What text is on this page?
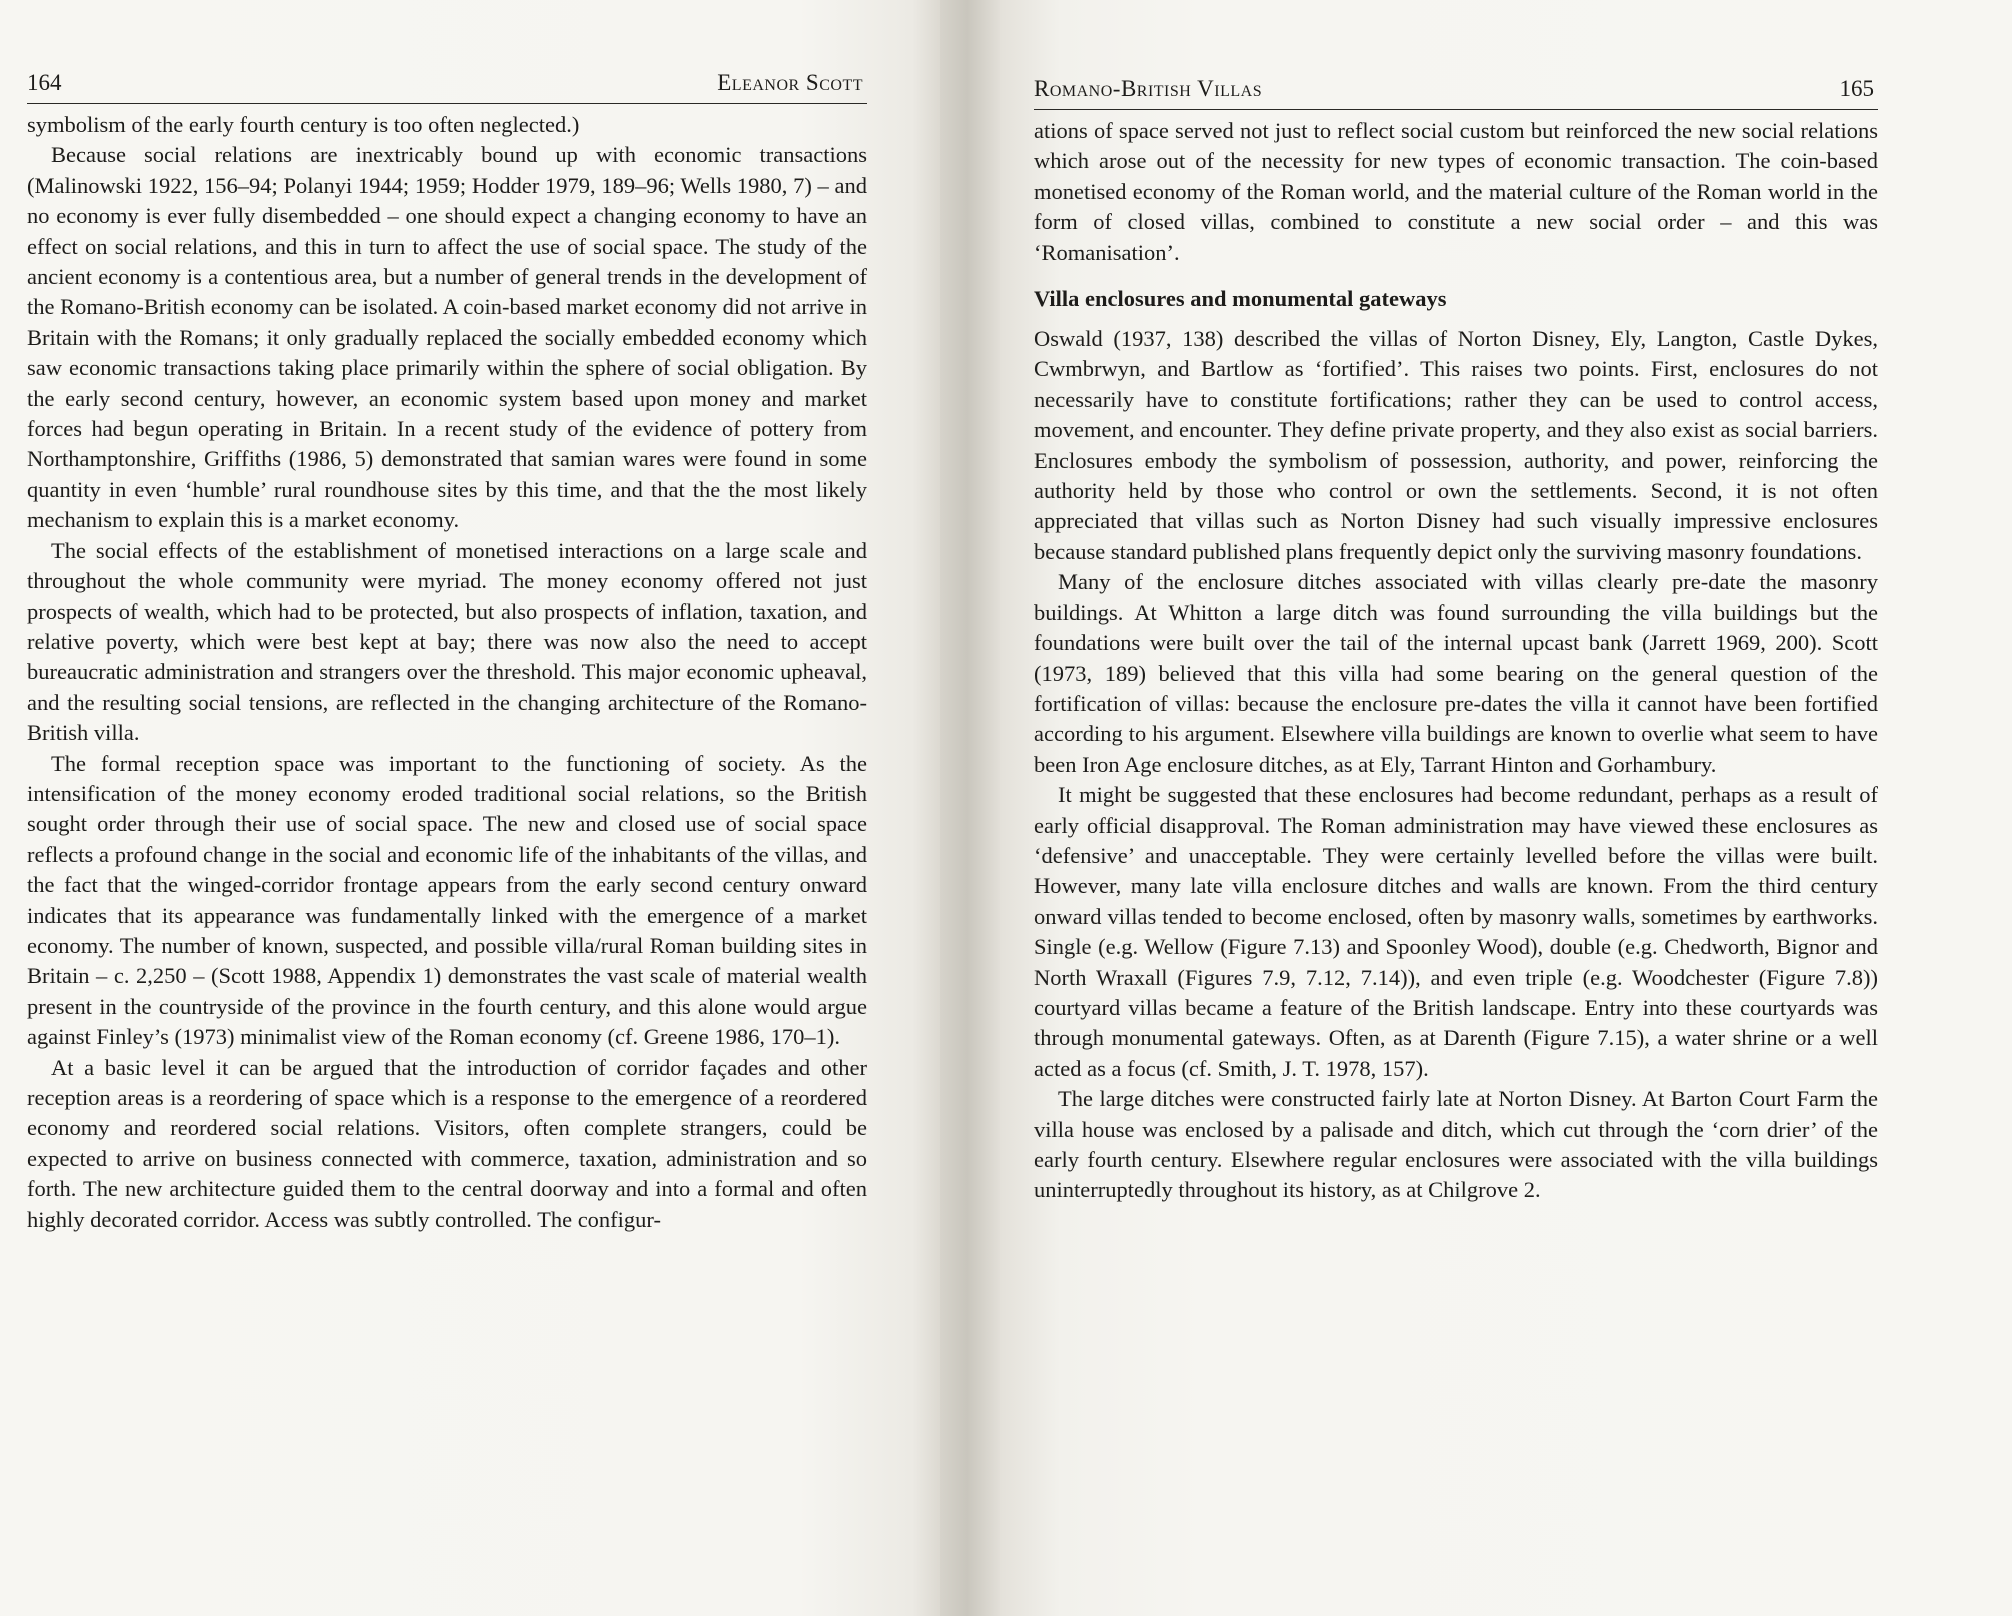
164	Eleanor Scott

symbolism of the early fourth century is too often neglected.)

Because social relations are inextricably bound up with economic transactions (Malinowski 1922, 156–94; Polanyi 1944; 1959; Hodder 1979, 189–96; Wells 1980, 7) – and no economy is ever fully disembedded – one should expect a changing economy to have an effect on social relations, and this in turn to affect the use of social space. The study of the ancient economy is a contentious area, but a number of general trends in the development of the Romano-British economy can be isolated. A coin-based market economy did not arrive in Britain with the Romans; it only gradually replaced the socially embedded economy which saw economic transactions taking place primarily within the sphere of social obligation. By the early second century, however, an economic system based upon money and market forces had begun operating in Britain. In a recent study of the evidence of pottery from Northamptonshire, Griffiths (1986, 5) demonstrated that samian wares were found in some quantity in even ‘humble’ rural roundhouse sites by this time, and that the the most likely mechanism to explain this is a market economy.

The social effects of the establishment of monetised interactions on a large scale and throughout the whole community were myriad. The money economy offered not just prospects of wealth, which had to be protected, but also prospects of inflation, taxation, and relative poverty, which were best kept at bay; there was now also the need to accept bureaucratic administration and strangers over the threshold. This major economic upheaval, and the resulting social tensions, are reflected in the changing architecture of the Romano-British villa.

The formal reception space was important to the functioning of society. As the intensification of the money economy eroded traditional social relations, so the British sought order through their use of social space. The new and closed use of social space reflects a profound change in the social and economic life of the inhabitants of the villas, and the fact that the winged-corridor frontage appears from the early second century onward indicates that its appearance was fundamentally linked with the emergence of a market economy. The number of known, suspected, and possible villa/rural Roman building sites in Britain – c. 2,250 – (Scott 1988, Appendix 1) demonstrates the vast scale of material wealth present in the countryside of the province in the fourth century, and this alone would argue against Finley’s (1973) minimalist view of the Roman economy (cf. Greene 1986, 170–1).

At a basic level it can be argued that the introduction of corridor façades and other reception areas is a reordering of space which is a response to the emergence of a reordered economy and reordered social relations. Visitors, often complete strangers, could be expected to arrive on business connected with commerce, taxation, administration and so forth. The new architecture guided them to the central doorway and into a formal and often highly decorated corridor. Access was subtly controlled. The configur-

Romano-British Villas	165

ations of space served not just to reflect social custom but reinforced the new social relations which arose out of the necessity for new types of economic transaction. The coin-based monetised economy of the Roman world, and the material culture of the Roman world in the form of closed villas, combined to constitute a new social order – and this was ‘Romanisation’.

Villa enclosures and monumental gateways

Oswald (1937, 138) described the villas of Norton Disney, Ely, Langton, Castle Dykes, Cwmbrwyn, and Bartlow as ‘fortified’. This raises two points. First, enclosures do not necessarily have to constitute fortifications; rather they can be used to control access, movement, and encounter. They define private property, and they also exist as social barriers. Enclosures embody the symbolism of possession, authority, and power, reinforcing the authority held by those who control or own the settlements. Second, it is not often appreciated that villas such as Norton Disney had such visually impressive enclosures because standard published plans frequently depict only the surviving masonry foundations.

Many of the enclosure ditches associated with villas clearly pre-date the masonry buildings. At Whitton a large ditch was found surrounding the villa buildings but the foundations were built over the tail of the internal upcast bank (Jarrett 1969, 200). Scott (1973, 189) believed that this villa had some bearing on the general question of the fortification of villas: because the enclosure pre-dates the villa it cannot have been fortified according to his argument. Elsewhere villa buildings are known to overlie what seem to have been Iron Age enclosure ditches, as at Ely, Tarrant Hinton and Gorhambury.

It might be suggested that these enclosures had become redundant, perhaps as a result of early official disapproval. The Roman administration may have viewed these enclosures as ‘defensive’ and unacceptable. They were certainly levelled before the villas were built. However, many late villa enclosure ditches and walls are known. From the third century onward villas tended to become enclosed, often by masonry walls, sometimes by earthworks. Single (e.g. Wellow (Figure 7.13) and Spoonley Wood), double (e.g. Chedworth, Bignor and North Wraxall (Figures 7.9, 7.12, 7.14)), and even triple (e.g. Woodchester (Figure 7.8)) courtyard villas became a feature of the British landscape. Entry into these courtyards was through monumental gateways. Often, as at Darenth (Figure 7.15), a water shrine or a well acted as a focus (cf. Smith, J. T. 1978, 157).

The large ditches were constructed fairly late at Norton Disney. At Barton Court Farm the villa house was enclosed by a palisade and ditch, which cut through the ‘corn drier’ of the early fourth century. Elsewhere regular enclosures were associated with the villa buildings uninterruptedly throughout its history, as at Chilgrove 2.
